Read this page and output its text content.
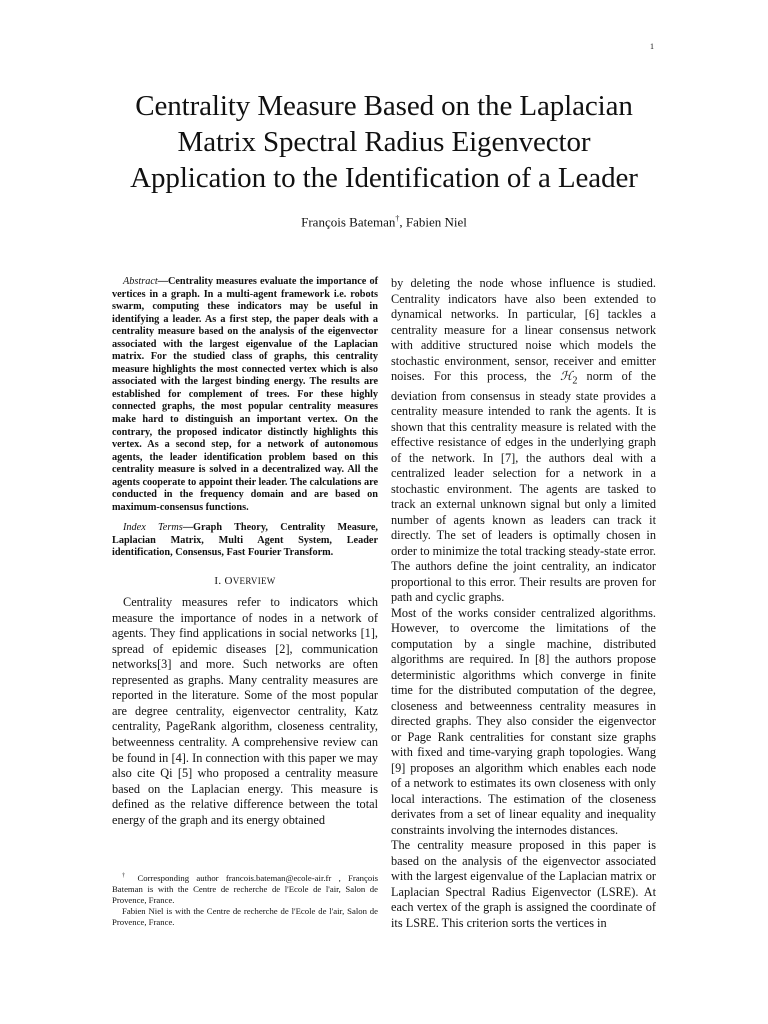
1
Centrality Measure Based on the Laplacian
Matrix Spectral Radius Eigenvector
Application to the Identification of a Leader
François Bateman†, Fabien Niel

Abstract—Centrality measures evaluate the importance of vertices in a graph. In a multi-agent framework i.e. robots swarm, computing these indicators may be useful in identifying a leader. As a first step, the paper deals with a centrality measure based on the analysis of the eigenvector associated with the largest eigenvalue of the Laplacian matrix. For the studied class of graphs, this centrality measure highlights the most connected vertex which is also associated with the largest binding energy. The results are established for complement of trees. For these highly connected graphs, the most popular centrality measures make hard to distinguish an important vertex. On the contrary, the proposed indicator distinctly highlights this vertex. As a second step, for a network of autonomous agents, the leader identification problem based on this centrality measure is solved in a decentralized way. All the agents cooperate to appoint their leader. The calculations are conducted in the frequency domain and are based on maximum-consensus functions.

Index Terms—Graph Theory, Centrality Measure, Laplacian Matrix, Multi Agent System, Leader identification, Consensus, Fast Fourier Transform.

I. OVERVIEW

Centrality measures refer to indicators which measure the importance of nodes in a network of agents. They find applications in social networks [1], spread of epidemic diseases [2], communication networks[3] and more. Such networks are often represented as graphs. Many centrality measures are reported in the literature. Some of the most popular are degree centrality, eigenvector centrality, Katz centrality, PageRank algorithm, closeness centrality, betweenness centrality. A comprehensive review can be found in [4]. In connection with this paper we may also cite Qi [5] who proposed a centrality measure based on the Laplacian energy. This measure is defined as the relative difference between the total energy of the graph and its energy obtained

by deleting the node whose influence is studied. Centrality indicators have also been extended to dynamical networks. In particular, [6] tackles a centrality measure for a linear consensus network with additive structured noise which models the stochastic environment, sensor, receiver and emitter noises. For this process, the ℋ$_2$ norm of the deviation from consensus in steady state provides a centrality measure intended to rank the agents. It is shown that this centrality measure is related with the effective resistance of edges in the underlying graph of the network. In [7], the authors deal with a centralized leader selection for a network in a stochastic environment. The agents are tasked to track an external unknown signal but only a limited number of agents known as leaders can track it directly. The set of leaders is optimally chosen in order to minimize the total tracking steady-state error. The authors define the joint centrality, an indicator proportional to this error. Their results are proven for path and cyclic graphs.

Most of the works consider centralized algorithms. However, to overcome the limitations of the computation by a single machine, distributed algorithms are required. In [8] the authors propose deterministic algorithms which converge in finite time for the distributed computation of the degree, closeness and betweenness centrality measures in directed graphs. They also consider the eigenvector or Page Rank centralities for constant size graphs with fixed and time-varying graph topologies. Wang [9] proposes an algorithm which enables each node of a network to estimates its own closeness with only local interactions. The estimation of the closeness derivates from a set of linear equality and inequality constraints involving the internodes distances.

The centrality measure proposed in this paper is based on the analysis of the eigenvector associated with the largest eigenvalue of the Laplacian matrix or Laplacian Spectral Radius Eigenvector (LSRE). At each vertex of the graph is assigned the coordinate of its LSRE. This criterion sorts the vertices in

† Corresponding author francois.bateman@ecole-air.fr , François Bateman is with the Centre de recherche de l'Ecole de l'air, Salon de Provence, France.

Fabien Niel is with the Centre de recherche de l'Ecole de l'air, Salon de Provence, France.
